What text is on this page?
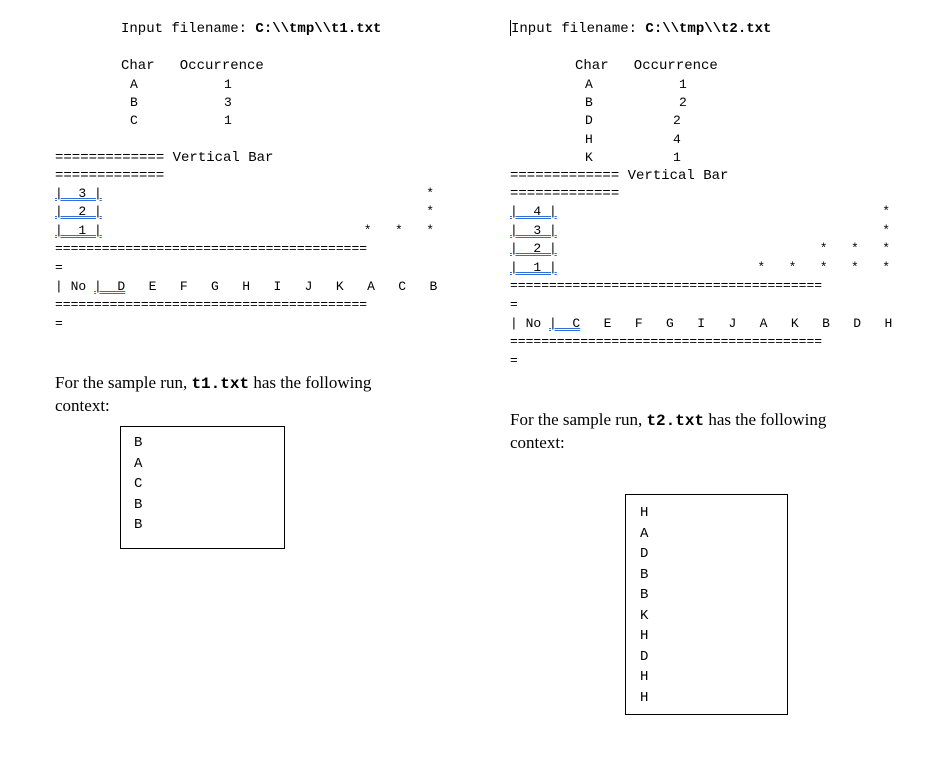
Input filename: C:\\tmp\\t1.txt
Char   Occurrence
A	1
B	3
C	1
============= Vertical Bar
=============
|  3 |	*
|  2 |	*
|  1 |	*   *   *
========================================
=
| No |  D E   F   G   H   I   J   K   A   C   B
========================================
=
For the sample run, t1.txt has the following
context:
B
A
C
B
B
Input filename: C:\\tmp\\t2.txt
Char   Occurrence
A	1
B	2
D	2
H	4
K	1
============= Vertical Bar
=============
|  4 |	*
|  3 |	*
|  2 |	*   *   *
|  1 |	*   *   *   *   *
========================================
=
| No |  C E   F   G   I   J   A   K   B   D   H
========================================
=
For the sample run, t2.txt has the following
context:
H
A
D
B
B
K
H
D
H
H
